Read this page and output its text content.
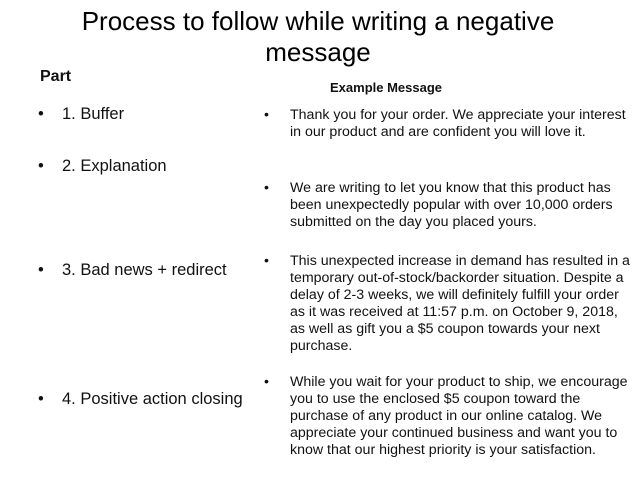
Process to follow while writing a negative message
Part
Example Message
• 1. Buffer
• 2. Explanation
• 3. Bad news + redirect
• 4. Positive action closing
• Thank you for your order. We appreciate your interest in our product and are confident you will love it.
• We are writing to let you know that this product has been unexpectedly popular with over 10,000 orders submitted on the day you placed yours.
• This unexpected increase in demand has resulted in a temporary out-of-stock/backorder situation. Despite a delay of 2-3 weeks, we will definitely fulfill your order as it was received at 11:57 p.m. on October 9, 2018, as well as gift you a $5 coupon towards your next purchase.
• While you wait for your product to ship, we encourage you to use the enclosed $5 coupon toward the purchase of any product in our online catalog. We appreciate your continued business and want you to know that our highest priority is your satisfaction.
